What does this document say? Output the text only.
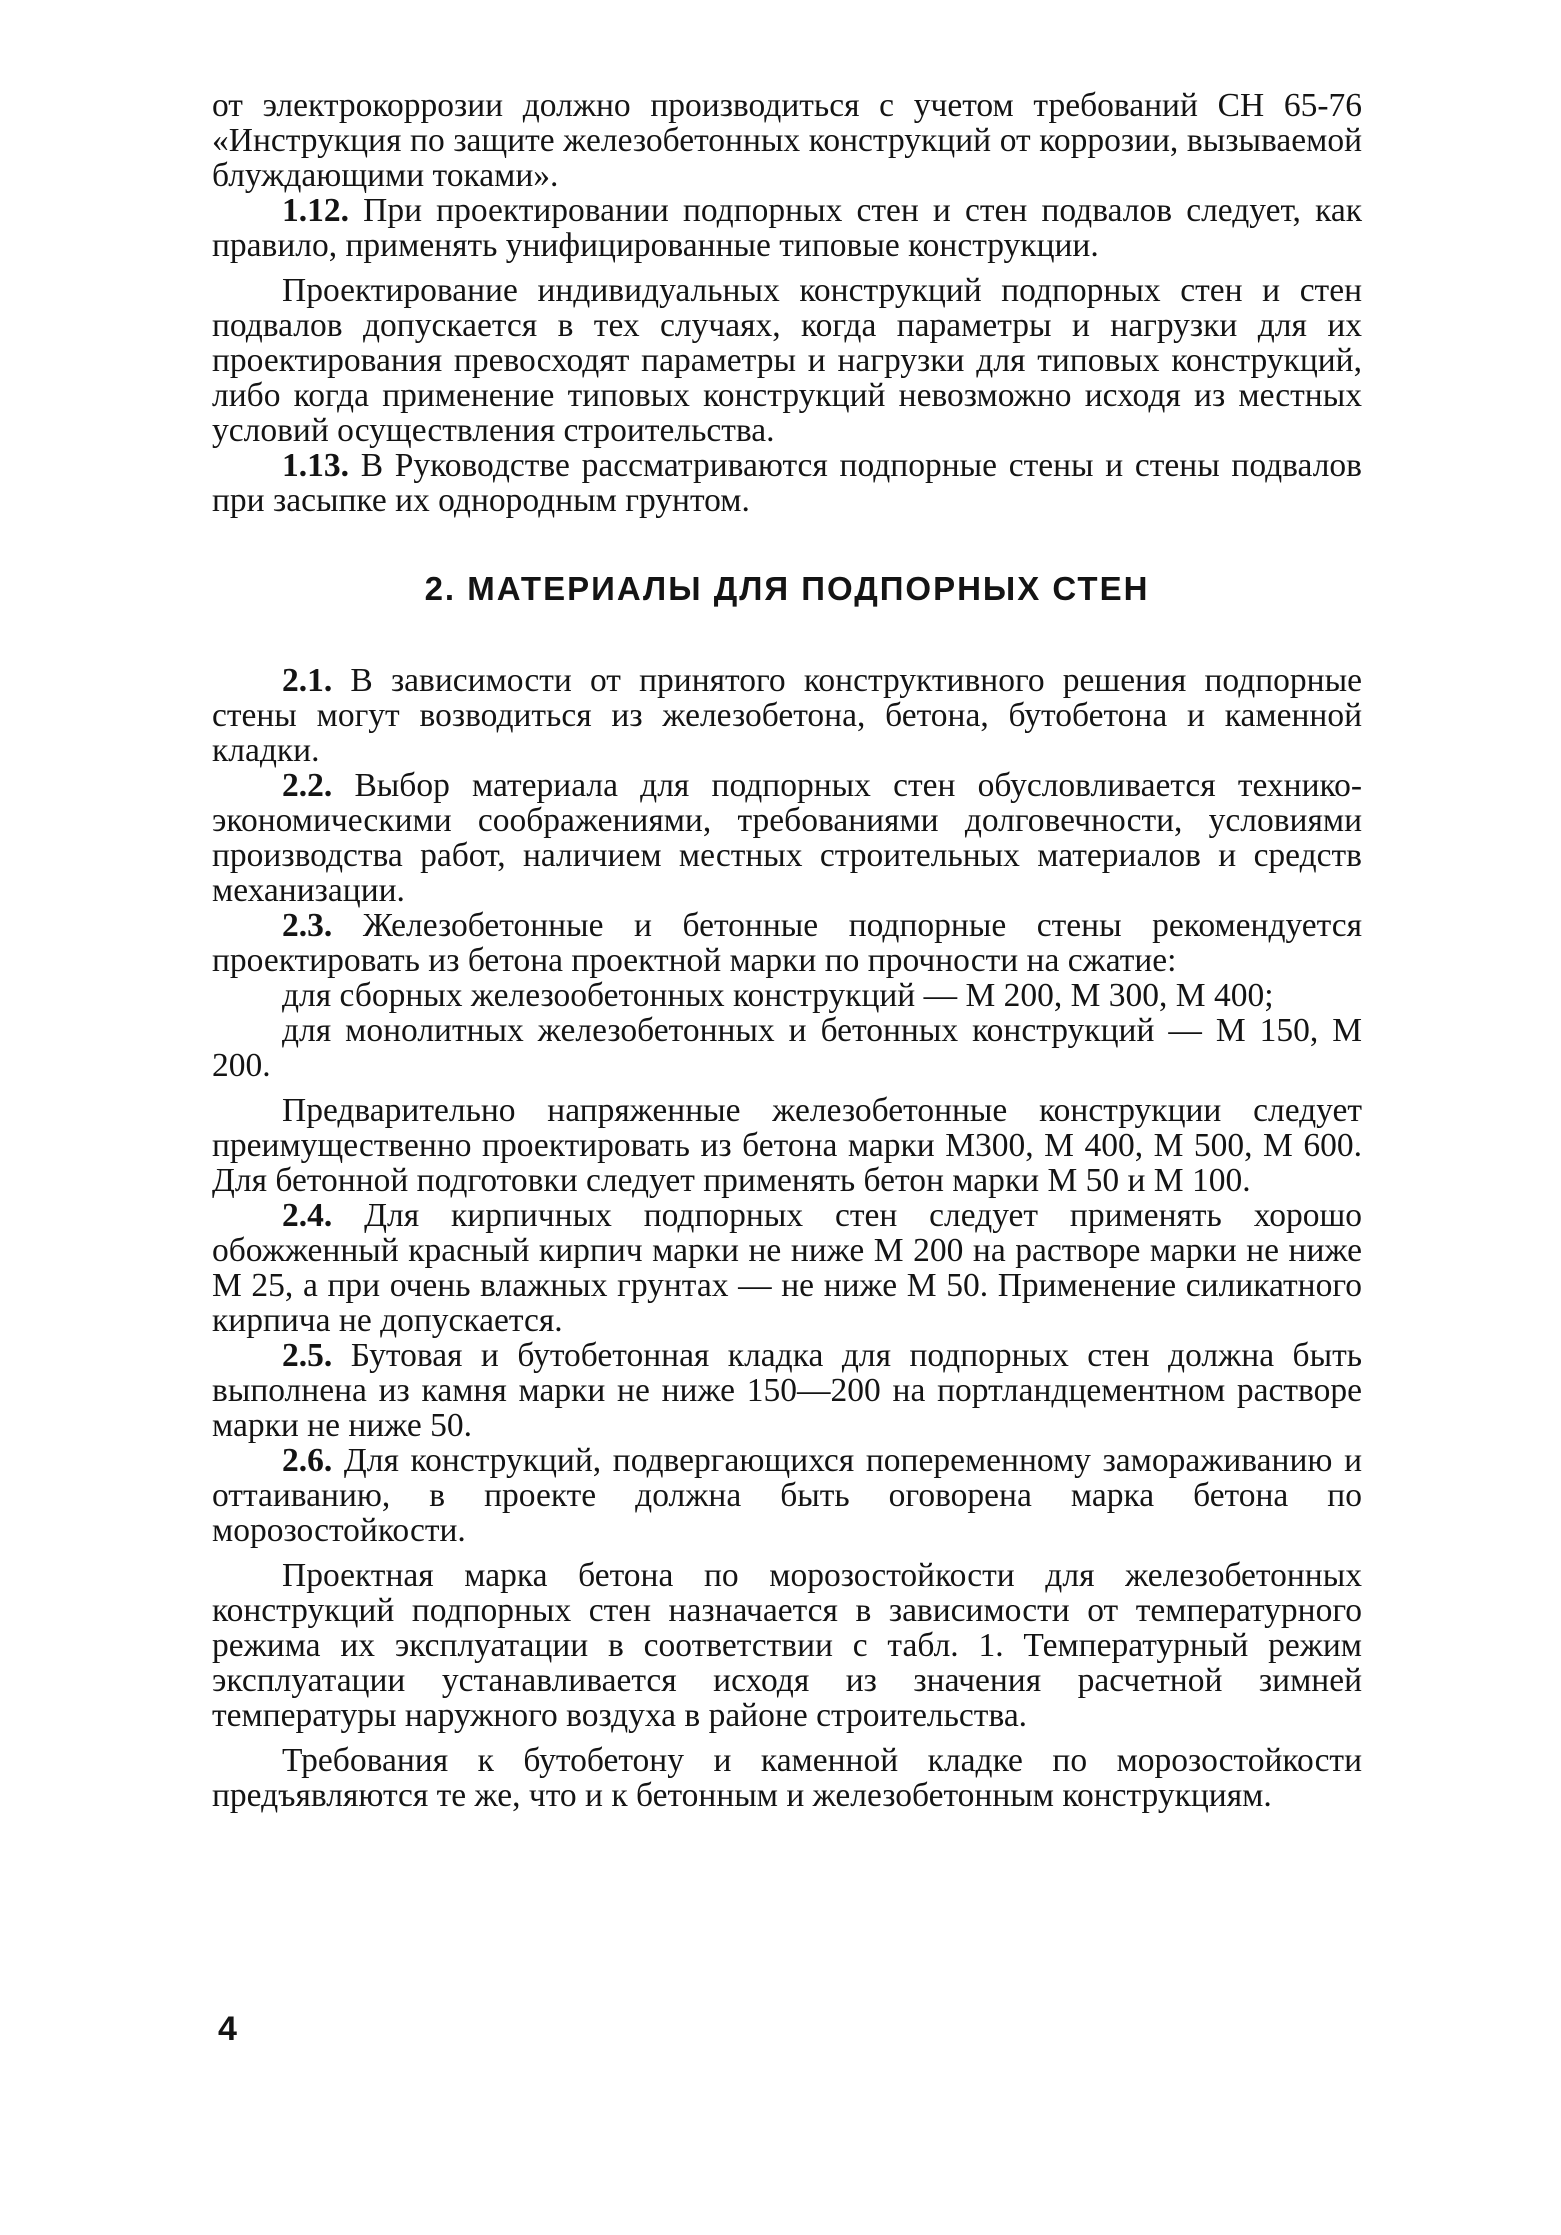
от электрокоррозии должно производиться с учетом требований СН 65-76 «Инструкция по защите железобетонных конструкций от коррозии, вызываемой блуждающими токами».

1.12. При проектировании подпорных стен и стен подвалов следует, как правило, применять унифицированные типовые конструкции.

Проектирование индивидуальных конструкций подпорных стен и стен подвалов допускается в тех случаях, когда параметры и нагрузки для их проектирования превосходят параметры и нагрузки для типовых конструкций, либо когда применение типовых конструкций невозможно исходя из местных условий осуществления строительства.

1.13. В Руководстве рассматриваются подпорные стены и стены подвалов при засыпке их однородным грунтом.

2. МАТЕРИАЛЫ ДЛЯ ПОДПОРНЫХ СТЕН

2.1. В зависимости от принятого конструктивного решения подпорные стены могут возводиться из железобетона, бетона, бутобетона и каменной кладки.

2.2. Выбор материала для подпорных стен обусловливается технико-экономическими соображениями, требованиями долговечности, условиями производства работ, наличием местных строительных материалов и средств механизации.

2.3. Железобетонные и бетонные подпорные стены рекомендуется проектировать из бетона проектной марки по прочности на сжатие:

для сборных железоoбетонных конструкций — М 200, М 300, М 400;

для монолитных железобетонных и бетонных конструкций — М 150, М 200.

Предварительно напряженные железобетонные конструкции следует преимущественно проектировать из бетона марки М300, М 400, М 500, М 600. Для бетонной подготовки следует применять бетон марки М 50 и М 100.

2.4. Для кирпичных подпорных стен следует применять хорошо обожженный красный кирпич марки не ниже М 200 на растворе марки не ниже М 25, а при очень влажных грунтах — не ниже М 50. Применение силикатного кирпича не допускается.

2.5. Бутовая и бутобетонная кладка для подпорных стен должна быть выполнена из камня марки не ниже 150—200 на портландцементном растворе марки не ниже 50.

2.6. Для конструкций, подвергающихся попеременному замораживанию и оттаиванию, в проекте должна быть оговорена марка бетона по морозостойкости.

Проектная марка бетона по морозостойкости для железобетонных конструкций подпорных стен назначается в зависимости от температурного режима их эксплуатации в соответствии с табл. 1. Температурный режим эксплуатации устанавливается исходя из значения расчетной зимней температуры наружного воздуха в районе строительства.

Требования к бутобетону и каменной кладке по морозостойкости предъявляются те же, что и к бетонным и железобетонным конструкциям.

4
